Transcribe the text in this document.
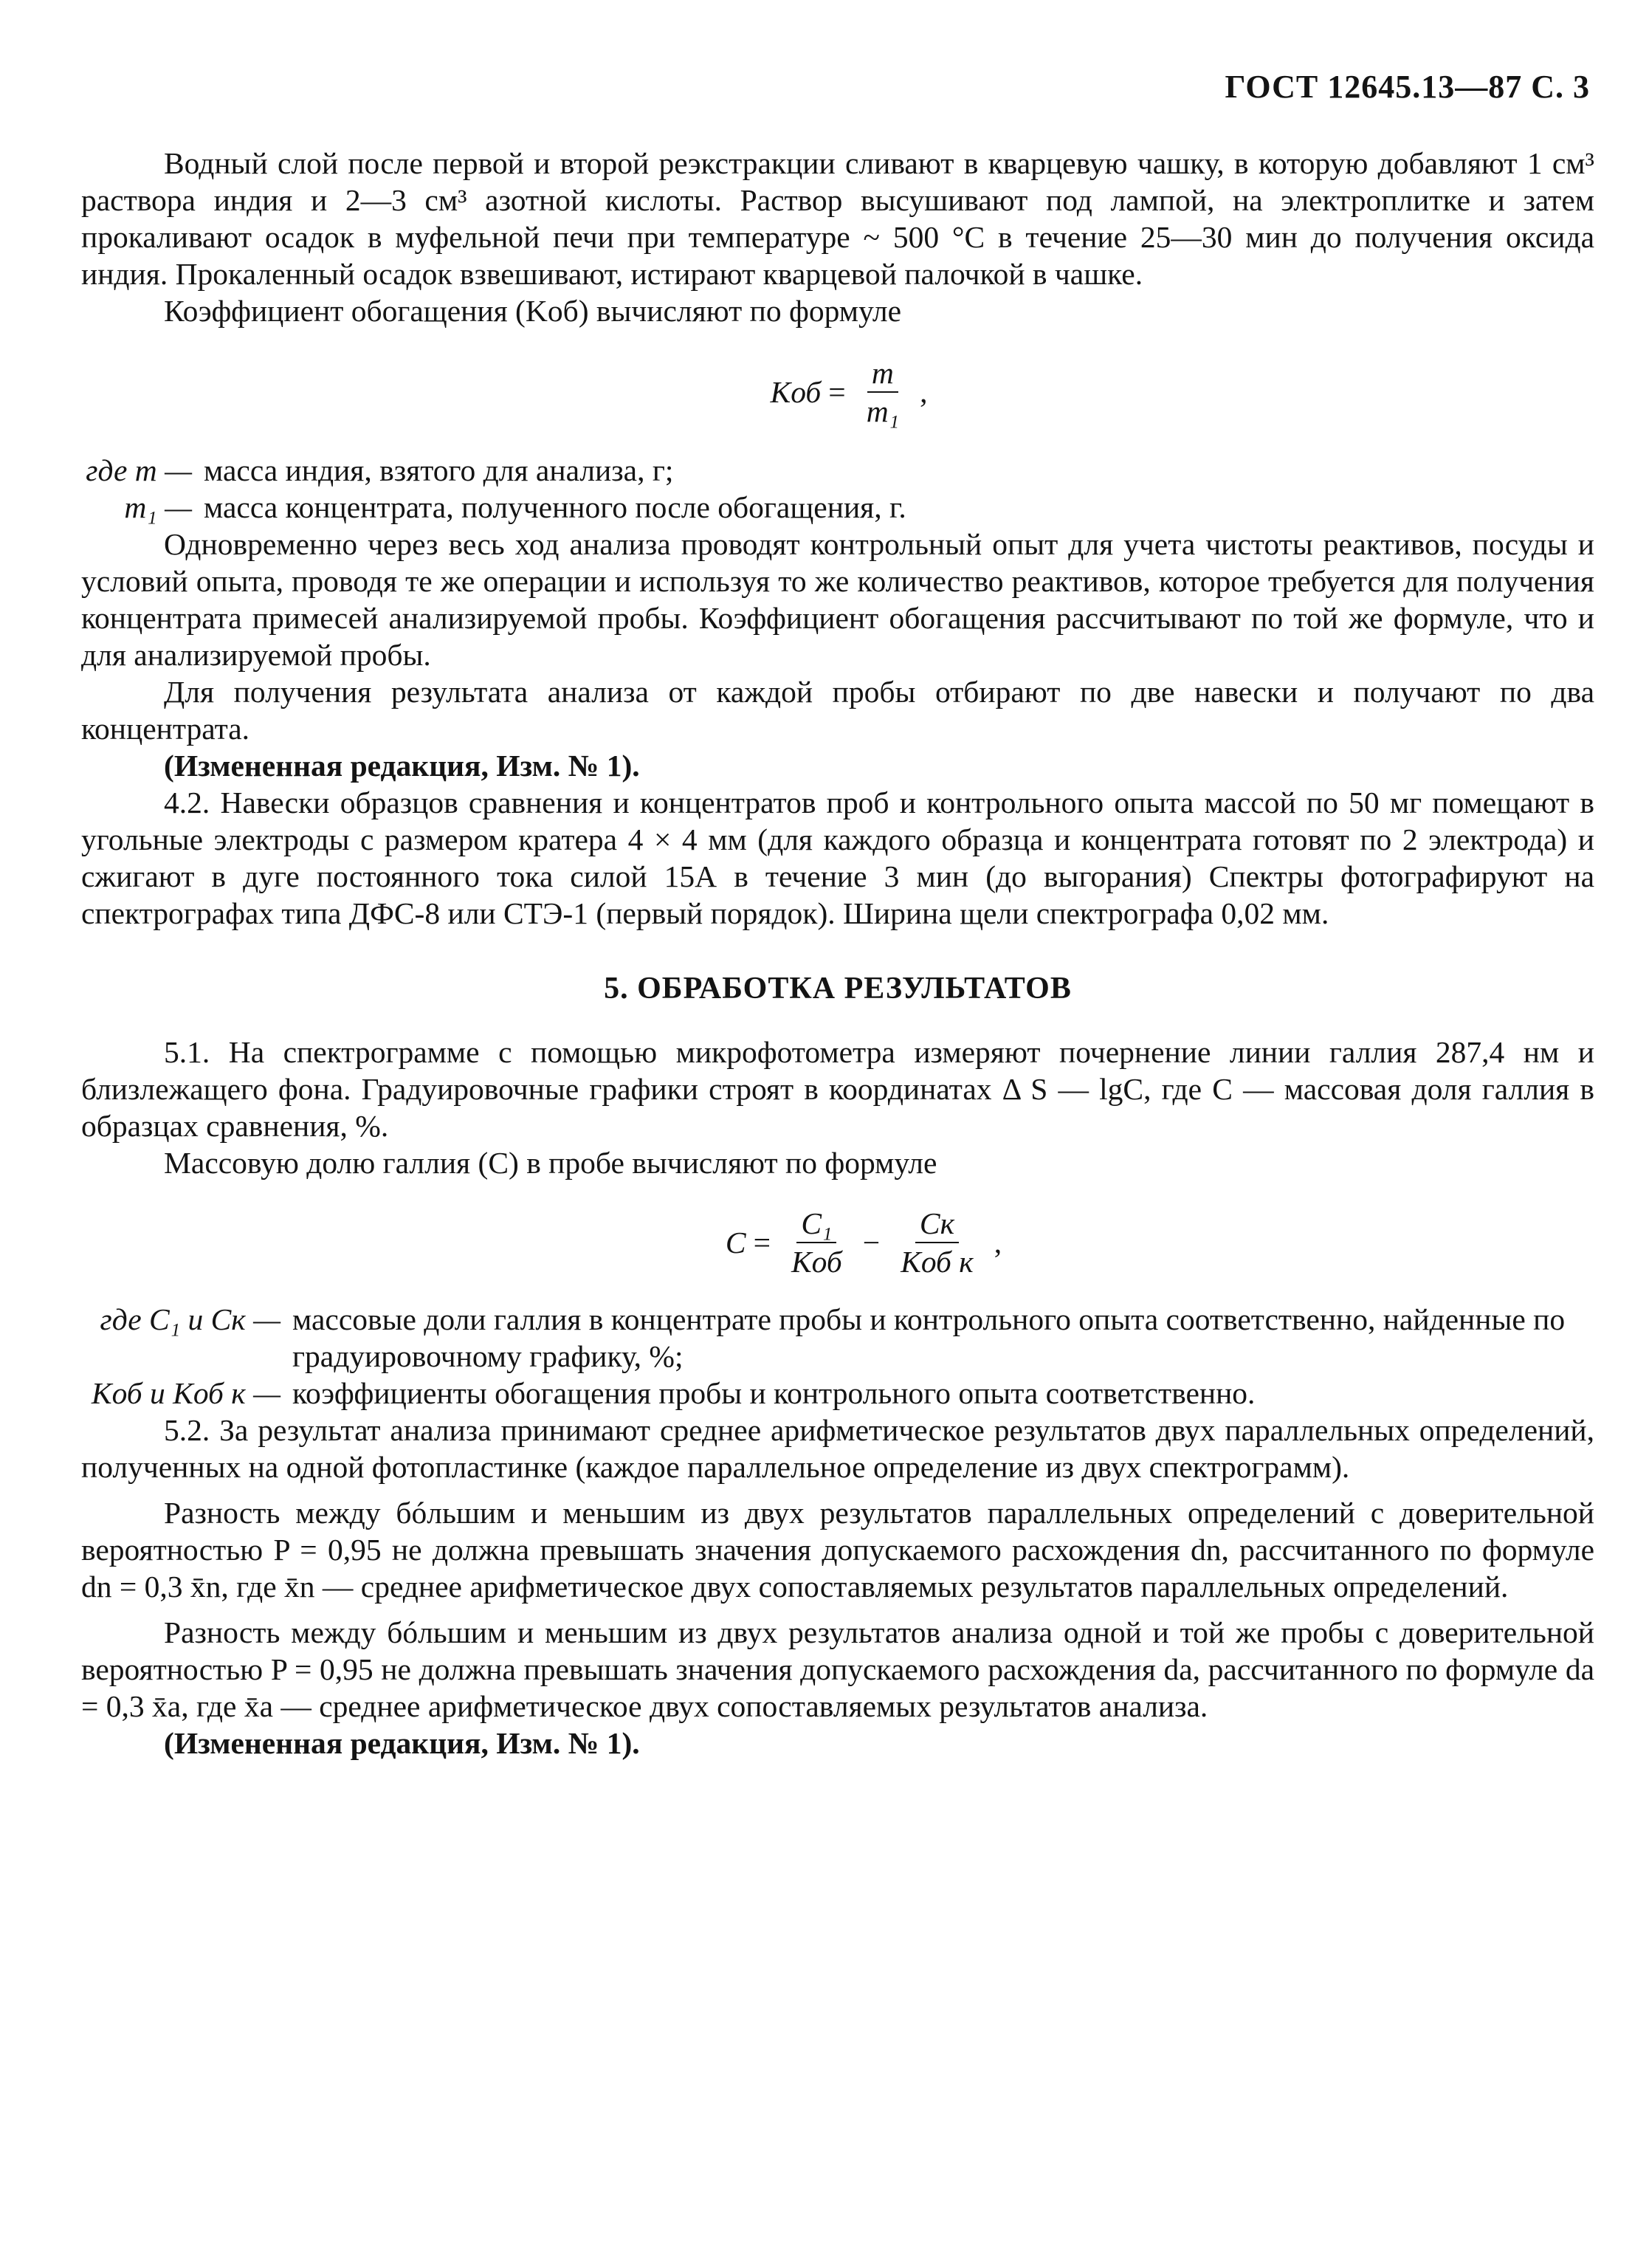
ГОСТ 12645.13—87 С. 3

Водный слой после первой и второй реэкстракции сливают в кварцевую чашку, в которую добавляют 1 см³ раствора индия и 2—3 см³ азотной кислоты. Раствор высушивают под лампой, на электроплитке и затем прокаливают осадок в муфельной печи при температуре ~ 500 °С в течение 25—30 мин до получения оксида индия. Прокаленный осадок взвешивают, истирают кварцевой палочкой в чашке.

Коэффициент обогащения (Kоб) вычисляют по формуле

Kоб = $\frac{m}{\text{m₁}}$ ,
где m — масса индия, взятого для анализа, г;
m₁ — масса концентрата, полученного после обогащения, г.

Одновременно через весь ход анализа проводят контрольный опыт для учета чистоты реактивов, посуды и условий опыта, проводя те же операции и используя то же количество реактивов, которое требуется для получения концентрата примесей анализируемой пробы. Коэффициент обогащения рассчитывают по той же формуле, что и для анализируемой пробы.

Для получения результата анализа от каждой пробы отбирают по две навески и получают по два концентрата.

(Измененная редакция, Изм. № 1).

4.2. Навески образцов сравнения и концентратов проб и контрольного опыта массой по 50 мг помещают в угольные электроды с размером кратера 4 × 4 мм (для каждого образца и концентрата готовят по 2 электрода) и сжигают в дуге постоянного тока силой 15А в течение 3 мин (до выгорания) Спектры фотографируют на спектрографах типа ДФС-8 или СТЭ-1 (первый порядок). Ширина щели спектрографа 0,02 мм.

5. ОБРАБОТКА РЕЗУЛЬТАТОВ

5.1. На спектрограмме с помощью микрофотометра измеряют почернение линии галлия 287,4 нм и близлежащего фона. Градуировочные графики строят в координатах Δ S — lgC, где C — массовая доля галлия в образцах сравнения, %.

Массовую долю галлия (C) в пробе вычисляют по формуле

$C = \frac{\text{C₁}}{\text{Kоб}} - \frac{Cк}{\text{Kоб к}}$ ,
где C₁ и Cк — массовые доли галлия в концентрате пробы и контрольного опыта соответственно, найденные по градуировочному графику, %;
Kоб и Kоб к — коэффициенты обогащения пробы и контрольного опыта соответственно.

5.2. За результат анализа принимают среднее арифметическое результатов двух параллельных определений, полученных на одной фотопластинке (каждое параллельное определение из двух спектрограмм).

Разность между бóльшим и меньшим из двух результатов параллельных определений с доверительной вероятностью P = 0,95 не должна превышать значения допускаемого расхождения dn, рассчитанного по формуле dn = 0,3 x̄n, где x̄n — среднее арифметическое двух сопоставляемых результатов параллельных определений.

Разность между бóльшим и меньшим из двух результатов анализа одной и той же пробы с доверительной вероятностью P = 0,95 не должна превышать значения допускаемого расхождения da, рассчитанного по формуле da = 0,3 x̄a, где x̄a — среднее арифметическое двух сопоставляемых результатов анализа.

(Измененная редакция, Изм. № 1).
